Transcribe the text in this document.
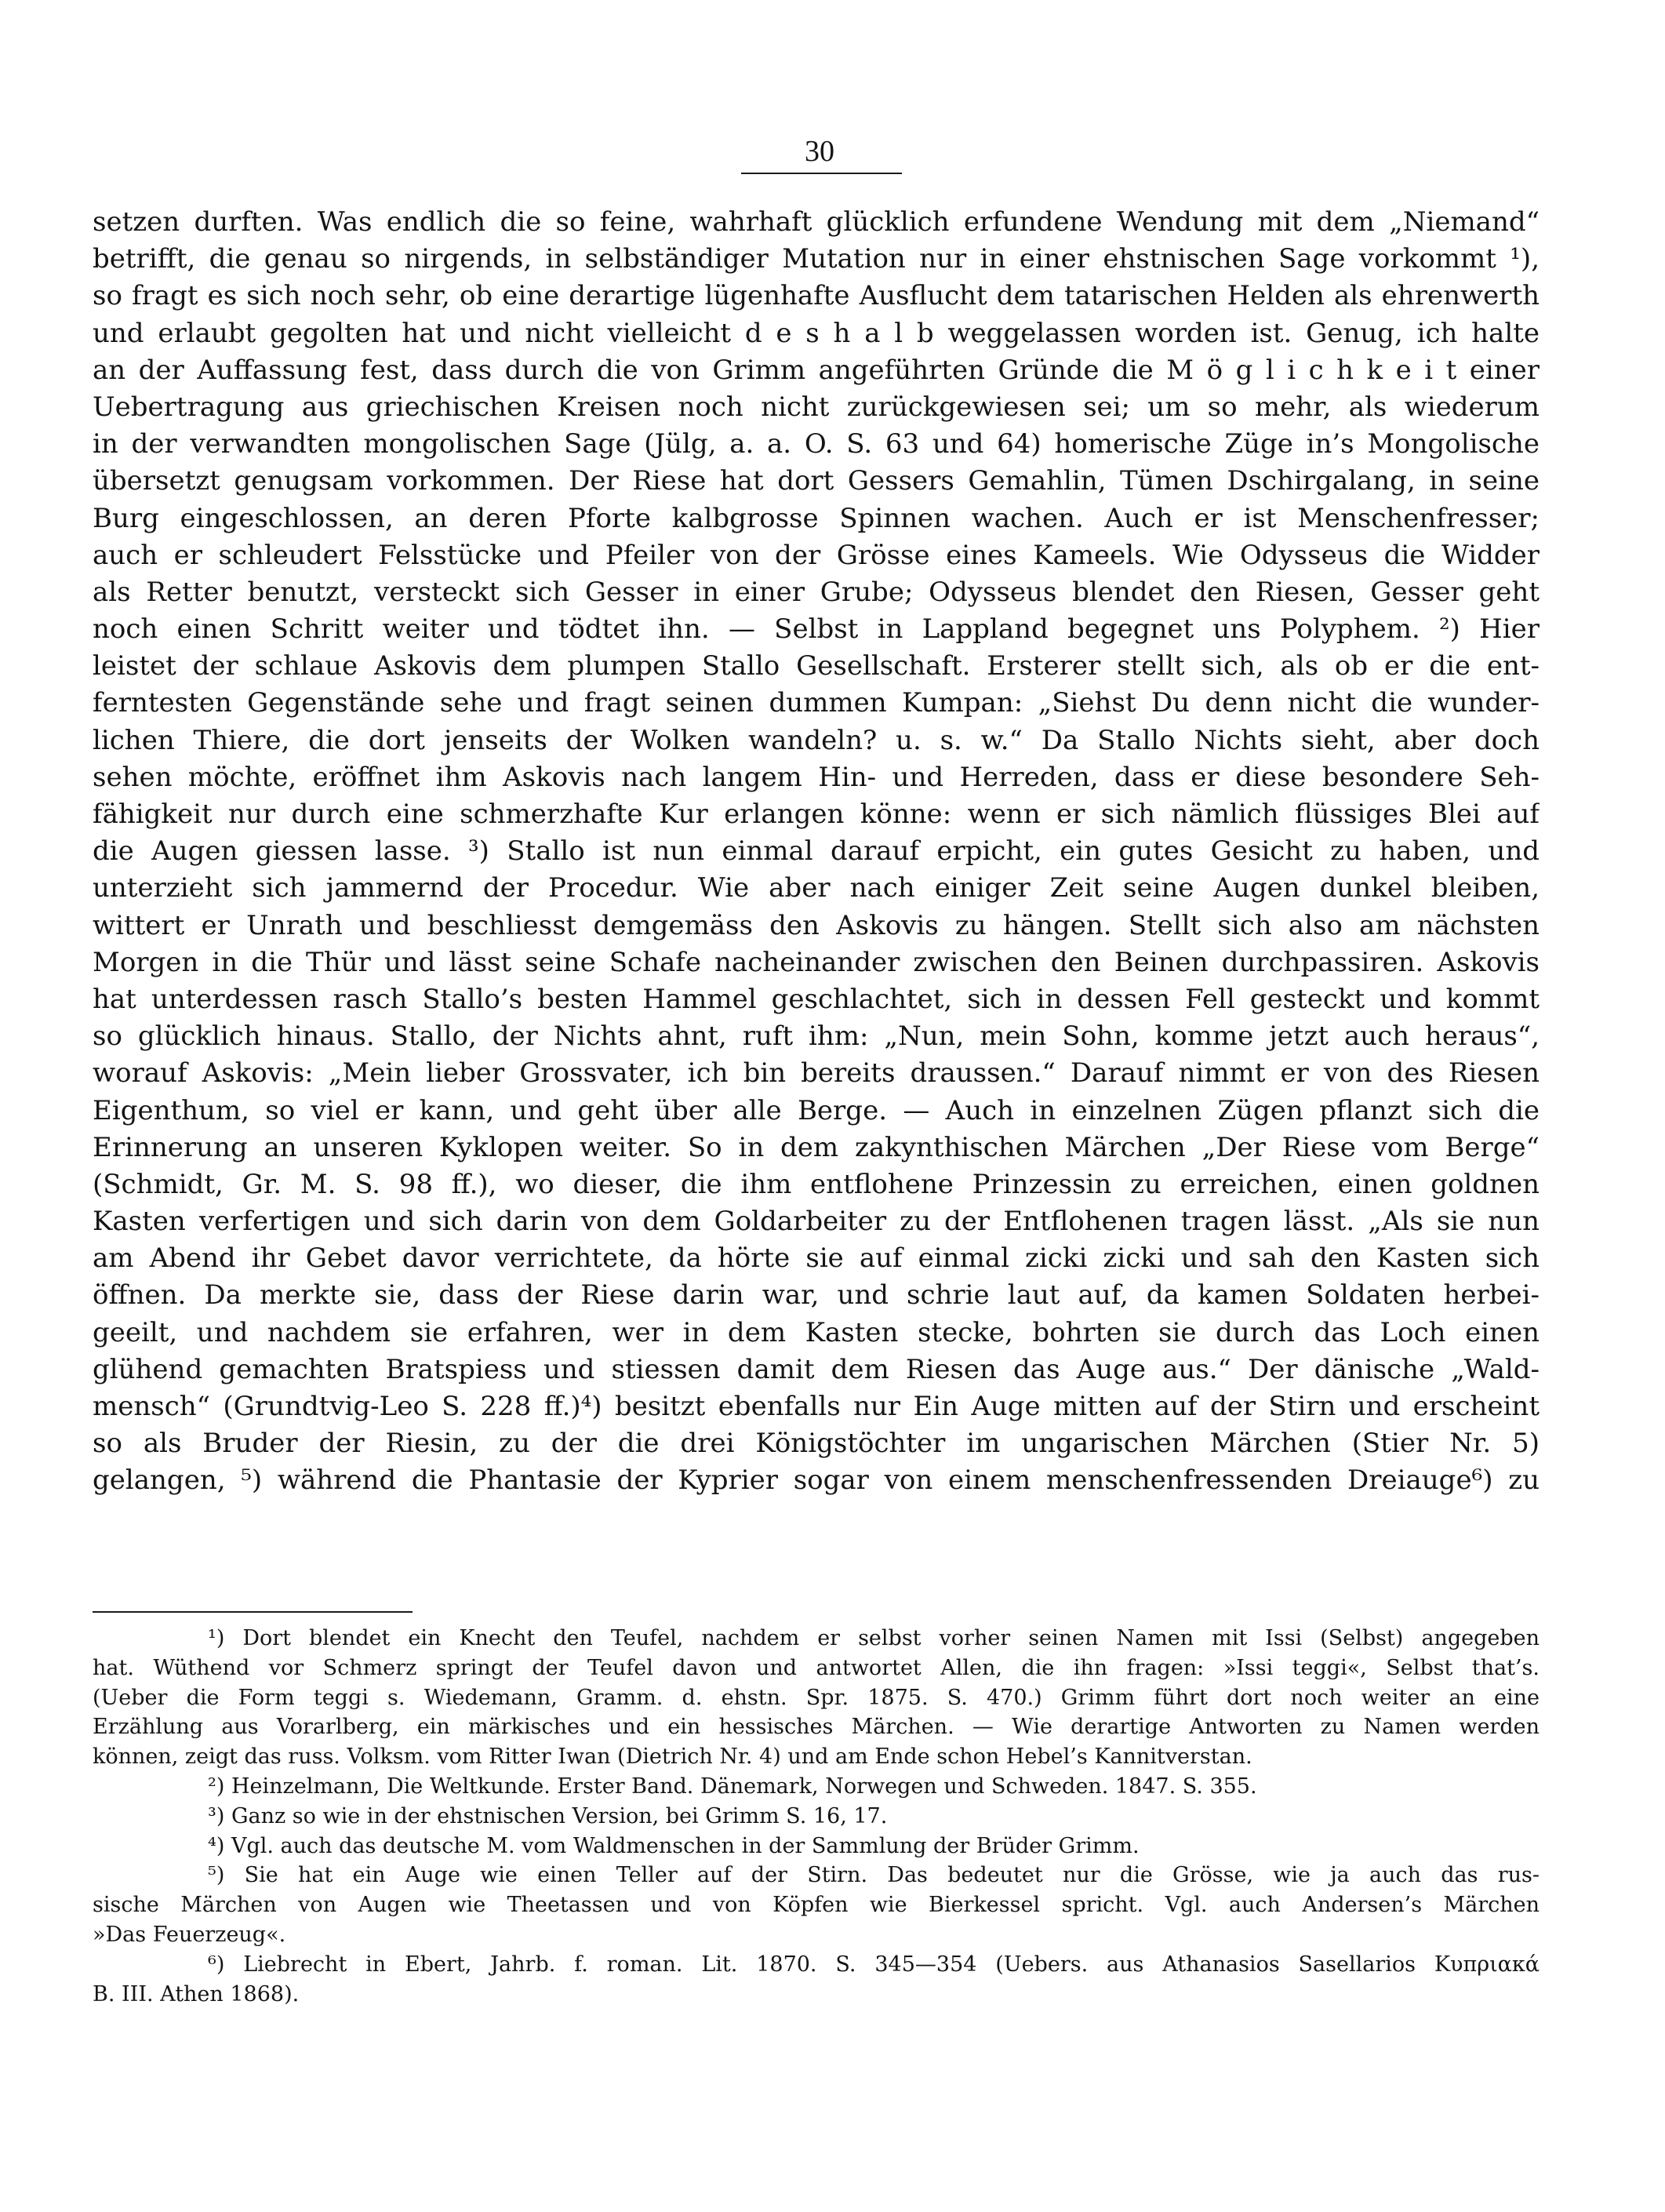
30
setzen durften. Was endlich die so feine, wahrhaft glücklich erfundene Wendung mit dem „Niemand“
betrifft, die genau so nirgends, in selbständiger Mutation nur in einer ehstnischen Sage vorkommt ¹),
so fragt es sich noch sehr, ob eine derartige lügenhafte Ausflucht dem tatarischen Helden als ehrenwerth
und erlaubt gegolten hat und nicht vielleicht d e s h a l b weggelassen worden ist. Genug, ich halte
an der Auffassung fest, dass durch die von Grimm angeführten Gründe die M ö g l i c h k e i t einer
Uebertragung aus griechischen Kreisen noch nicht zurückgewiesen sei; um so mehr, als wiederum
in der verwandten mongolischen Sage (Jülg, a. a. O. S. 63 und 64) homerische Züge in’s Mongolische
übersetzt genugsam vorkommen. Der Riese hat dort Gessers Gemahlin, Tümen Dschirgalang, in seine
Burg eingeschlossen, an deren Pforte kalbgrosse Spinnen wachen. Auch er ist Menschenfresser;
auch er schleudert Felsstücke und Pfeiler von der Grösse eines Kameels. Wie Odysseus die Widder
als Retter benutzt, versteckt sich Gesser in einer Grube; Odysseus blendet den Riesen, Gesser geht
noch einen Schritt weiter und tödtet ihn. — Selbst in Lappland begegnet uns Polyphem. ²) Hier
leistet der schlaue Askovis dem plumpen Stallo Gesellschaft. Ersterer stellt sich, als ob er die ent-
ferntesten Gegenstände sehe und fragt seinen dummen Kumpan: „Siehst Du denn nicht die wunder-
lichen Thiere, die dort jenseits der Wolken wandeln? u. s. w.“ Da Stallo Nichts sieht, aber doch
sehen möchte, eröffnet ihm Askovis nach langem Hin- und Herreden, dass er diese besondere Seh-
fähigkeit nur durch eine schmerzhafte Kur erlangen könne: wenn er sich nämlich flüssiges Blei auf
die Augen giessen lasse. ³) Stallo ist nun einmal darauf erpicht, ein gutes Gesicht zu haben, und
unterzieht sich jammernd der Procedur. Wie aber nach einiger Zeit seine Augen dunkel bleiben,
wittert er Unrath und beschliesst demgemäss den Askovis zu hängen. Stellt sich also am nächsten
Morgen in die Thür und lässt seine Schafe nacheinander zwischen den Beinen durchpassiren. Askovis
hat unterdessen rasch Stallo’s besten Hammel geschlachtet, sich in dessen Fell gesteckt und kommt
so glücklich hinaus. Stallo, der Nichts ahnt, ruft ihm: „Nun, mein Sohn, komme jetzt auch heraus“,
worauf Askovis: „Mein lieber Grossvater, ich bin bereits draussen.“ Darauf nimmt er von des Riesen
Eigenthum, so viel er kann, und geht über alle Berge. — Auch in einzelnen Zügen pflanzt sich die
Erinnerung an unseren Kyklopen weiter. So in dem zakynthischen Märchen „Der Riese vom Berge“
(Schmidt, Gr. M. S. 98 ff.), wo dieser, die ihm entflohene Prinzessin zu erreichen, einen goldnen
Kasten verfertigen und sich darin von dem Goldarbeiter zu der Entflohenen tragen lässt. „Als sie nun
am Abend ihr Gebet davor verrichtete, da hörte sie auf einmal zicki zicki und sah den Kasten sich
öffnen. Da merkte sie, dass der Riese darin war, und schrie laut auf, da kamen Soldaten herbei-
geeilt, und nachdem sie erfahren, wer in dem Kasten stecke, bohrten sie durch das Loch einen
glühend gemachten Bratspiess und stiessen damit dem Riesen das Auge aus.“ Der dänische „Wald-
mensch“ (Grundtvig-Leo S. 228 ff.)⁴) besitzt ebenfalls nur Ein Auge mitten auf der Stirn und erscheint
so als Bruder der Riesin, zu der die drei Königstöchter im ungarischen Märchen (Stier Nr. 5)
gelangen, ⁵) während die Phantasie der Kyprier sogar von einem menschenfressenden Dreiauge⁶) zu
¹) Dort blendet ein Knecht den Teufel, nachdem er selbst vorher seinen Namen mit Issi (Selbst) angegeben
hat. Wüthend vor Schmerz springt der Teufel davon und antwortet Allen, die ihn fragen: »Issi teggi«, Selbst that’s.
(Ueber die Form teggi s. Wiedemann, Gramm. d. ehstn. Spr. 1875. S. 470.) Grimm führt dort noch weiter an eine
Erzählung aus Vorarlberg, ein märkisches und ein hessisches Märchen. — Wie derartige Antworten zu Namen werden
können, zeigt das russ. Volksm. vom Ritter Iwan (Dietrich Nr. 4) und am Ende schon Hebel’s Kannitverstan.
²) Heinzelmann, Die Weltkunde. Erster Band. Dänemark, Norwegen und Schweden. 1847. S. 355.
³) Ganz so wie in der ehstnischen Version, bei Grimm S. 16, 17.
⁴) Vgl. auch das deutsche M. vom Waldmenschen in der Sammlung der Brüder Grimm.
⁵) Sie hat ein Auge wie einen Teller auf der Stirn. Das bedeutet nur die Grösse, wie ja auch das rus-
sische Märchen von Augen wie Theetassen und von Köpfen wie Bierkessel spricht. Vgl. auch Andersen’s Märchen
»Das Feuerzeug«.
⁶) Liebrecht in Ebert, Jahrb. f. roman. Lit. 1870. S. 345—354 (Uebers. aus Athanasios Sasellarios Κυπριακά
B. III. Athen 1868).
